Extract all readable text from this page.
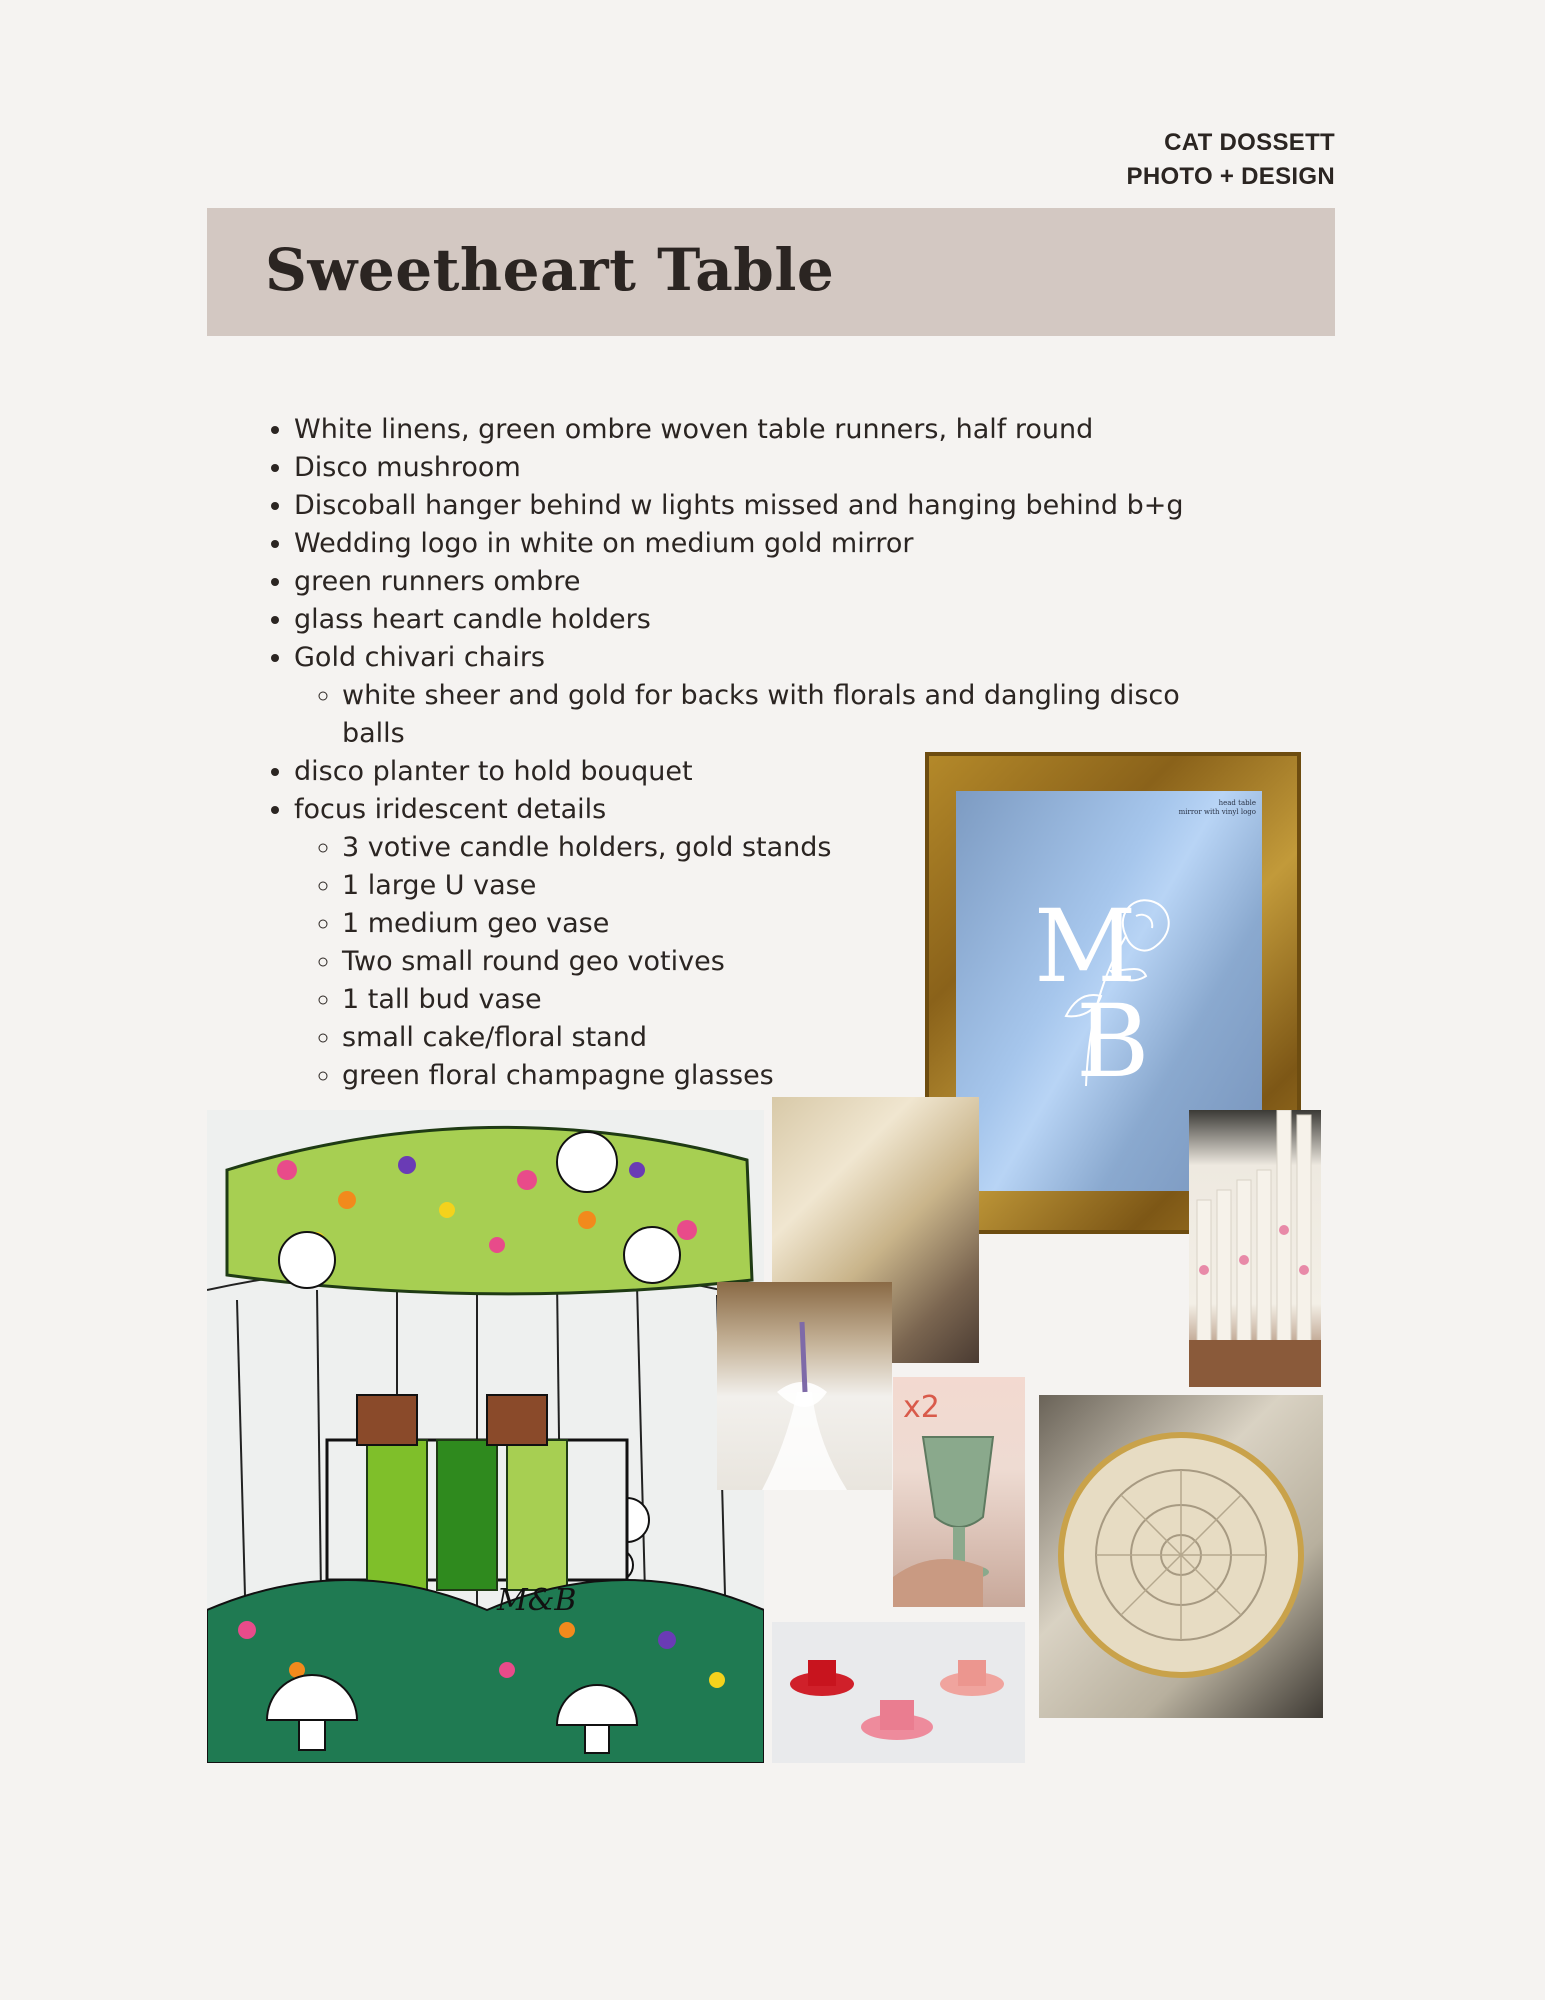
CAT DOSSETT
PHOTO + DESIGN
Sweetheart Table
• White linens, green ombre woven table runners, half round
• Disco mushroom
• Discoball hanger behind w lights missed and hanging behind b+g
• Wedding logo in white on medium gold mirror
• green runners ombre
• glass heart candle holders
• Gold chivari chairs
◦ white sheer and gold for backs with florals and dangling disco balls
• disco planter to hold bouquet
• focus iridescent details
◦ 3 votive candle holders, gold stands
◦ 1 large U vase
◦ 1 medium geo vase
◦ Two small round geo votives
◦ 1 tall bud vase
◦ small cake/floral stand
◦ green floral champagne glasses
head table
mirror with vinyl logo
M
B
M&B
x2
